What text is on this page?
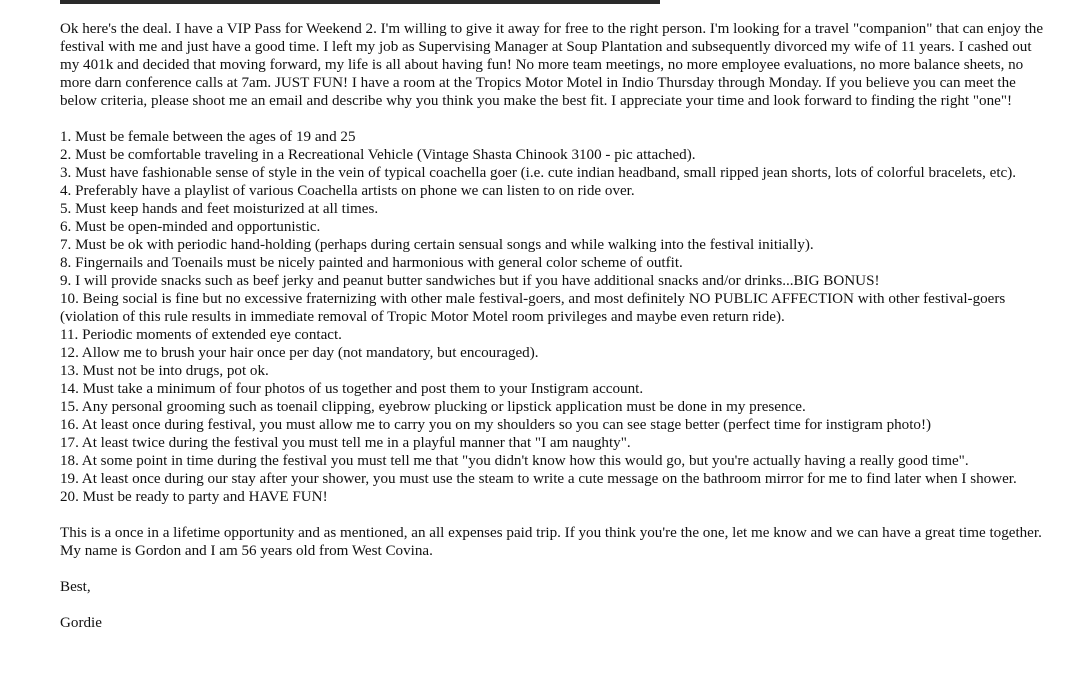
Ok here's the deal. I have a VIP Pass for Weekend 2. I'm willing to give it away for free to the right person. I'm looking for a travel "companion" that can enjoy the festival with me and just have a good time. I left my job as Supervising Manager at Soup Plantation and subsequently divorced my wife of 11 years. I cashed out my 401k and decided that moving forward, my life is all about having fun! No more team meetings, no more employee evaluations, no more balance sheets, no more darn conference calls at 7am. JUST FUN! I have a room at the Tropics Motor Motel in Indio Thursday through Monday. If you believe you can meet the below criteria, please shoot me an email and describe why you think you make the best fit. I appreciate your time and look forward to finding the right "one"!

1. Must be female between the ages of 19 and 25
2. Must be comfortable traveling in a Recreational Vehicle (Vintage Shasta Chinook 3100 - pic attached).
3. Must have fashionable sense of style in the vein of typical coachella goer (i.e. cute indian headband, small ripped jean shorts, lots of colorful bracelets, etc).
4. Preferably have a playlist of various Coachella artists on phone we can listen to on ride over.
5. Must keep hands and feet moisturized at all times.
6. Must be open-minded and opportunistic.
7. Must be ok with periodic hand-holding (perhaps during certain sensual songs and while walking into the festival initially).
8. Fingernails and Toenails must be nicely painted and harmonious with general color scheme of outfit.
9. I will provide snacks such as beef jerky and peanut butter sandwiches but if you have additional snacks and/or drinks...BIG BONUS!
10. Being social is fine but no excessive fraternizing with other male festival-goers, and most definitely NO PUBLIC AFFECTION with other festival-goers (violation of this rule results in immediate removal of Tropic Motor Motel room privileges and maybe even return ride).
11. Periodic moments of extended eye contact.
12. Allow me to brush your hair once per day (not mandatory, but encouraged).
13. Must not be into drugs, pot ok.
14. Must take a minimum of four photos of us together and post them to your Instigram account.
15. Any personal grooming such as toenail clipping, eyebrow plucking or lipstick application must be done in my presence.
16. At least once during festival, you must allow me to carry you on my shoulders so you can see stage better (perfect time for instigram photo!)
17. At least twice during the festival you must tell me in a playful manner that "I am naughty".
18. At some point in time during the festival you must tell me that "you didn't know how this would go, but you're actually having a really good time".
19. At least once during our stay after your shower, you must use the steam to write a cute message on the bathroom mirror for me to find later when I shower.
20. Must be ready to party and HAVE FUN!

This is a once in a lifetime opportunity and as mentioned, an all expenses paid trip. If you think you're the one, let me know and we can have a great time together. My name is Gordon and I am 56 years old from West Covina.

Best,

Gordie
